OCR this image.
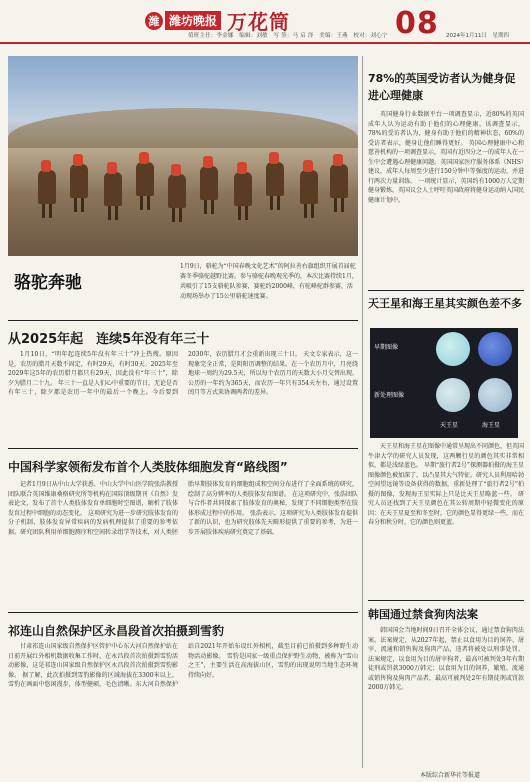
潍 潍坊晚报 万花筒
值班主任：李金娜　编辑：刘敏　写 签：马 启 泽　美编：王燕　校对：刘心宁 08 2024年1月11日　星期四
骆驼奔驰
1月9日，骆驼为“中国春晚文化艺术”的阿拉善右旗组织开展首届驼赛冬季骆驼越野比赛。参与骆驼春晚观光季的，本次比赛持续1月，共吸引了15支骆驼队参赛，赛驼约2000峰，有驼峰驼群参赛，活动现场举办了15公里骆驼速度赛。
从2025年起　连续5年没有年三十
1月10日，“明年起连续5年没有年三十”冲上热搜。原因是，农历的腊月天数不固定，有时29天，有时30天。2025年至2029年这5年的农历腊月都只有29天，因此没有“年三十”，除夕为腊月二十九。 年三十一直是人们心中重要的节日，无论是否有年三十，除夕都是农历一年中的最后一个晚上。今后要到2030年，农历腊月才会重新出现三十日。 天文专家表示，这一现象完全正常，是阴阳历调整的结果。在一个农历月中，月亮绕地球一周约为29.5天，所以每个农历月的天数大小月交替出现。公历的一年约为365天，而农历一年只有354天左右，通过设置闰月等方式来协调两者的差异。
中国科学家领衔发布首个人类肢体细胞发育“路线图”
记者1月9日从中山大学获悉，中山大学中山医学院张浩教授团队联合英国维康桑格研究所等机构在国际顶级期刊《自然》发表论文，发布了首个人类肢体发育单细胞时空图谱，解析了肢体发育过程中细胞的动态变化。 这项研究为进一步研究肢体发育的分子机制、肢体发育异常疾病的发病机理提供了重要的参考依据。研究团队利用单细胞测序和空间转录组学等技术，对人类胚胎早期肢体发育的细胞组成和空间分布进行了全面系统的研究，绘制了高分辨率的人类肢体发育图谱。 在这项研究中，张浩团队与合作者共同探索了肢体发育的奥秘，发现了不同细胞类型在肢体形成过程中的作用。 张浩表示，这项研究为人类肢体发育提供了新的认识，也为研究肢体先天畸形提供了重要的参考，为进一步开展肢体疾病研究奠定了基础。
祁连山自然保护区永昌段首次拍摄到雪豹
甘肃祁连山国家级自然保护区管护中心东大河自然保护站在日前开展红外相机数据收集工作时，在永昌段首次拍摄到雪豹活动影像，这是祁连山国家级自然保护区永昌段首次拍摄到雪豹影像。 据了解，此次拍摄到雪豹影像的区域海拔在3300米以上，雪豹在画面中悠闲漫步，体型健硕，毛色清晰。东大河自然保护站自2021年开始布设红外相机，截至目前已拍摄到多种野生动物活动影像。 雪豹是国家一级重点保护野生动物，被称为“雪山之王”，主要生活在高海拔山区，雪豹的出现说明当地生态环境持续向好。
78%的英国受访者认为健身促进心理健康
英国健身行业数据平台一项调查显示，近80%的英国成年人认为运动有助于他们的心理健康。该调查显示，78%的受访者认为，健身有助于他们的精神状态，60%的受访者表示，健身让他们睡得更好。 英国心理健康中心和慈善机构的一项调查显示，英国有近四分之一的成年人在一生中会遭遇心理健康问题。英国国家医疗服务体系（NHS）建议，成年人每周至少进行150分钟中等强度的运动，并进行两次力量训练。 一项统计显示，英国约有1000万人定期健身锻炼。英国议会人士呼吁英国政府将健身运动纳入国民健康计划中。
天王星和海王星其实颜色差不多
早期图像
新处理图像
天王星	海王星
天王星和海王星在图像中通常呈现出不同颜色，但英国牛津大学的研究人员发现，这两颗行星的颜色其实非常相似，都是浅绿蓝色。 早期“旅行者2号”探测器拍摄的海王星图像颜色被加深了，以凸显其大气特征。研究人员利用哈勃空间望远镜等设备获得的数据，重新处理了“旅行者2号”拍摄的图像，发现海王星实际上只是比天王星略蓝一些。 研究人员还找到了天王星颜色在其公转周期中轻微变化的原因：在天王星夏至和冬至时，它的颜色显得更绿一些，而在春分和秋分时，它的颜色则更蓝。
韩国通过禁食狗肉法案
韩国国会当地时间9日召开全体会议，通过禁食狗肉法案。法案规定，从2027年起，禁止以食用为目的饲养、屠宰、流通和销售狗及狗肉产品，违者将被处以刑事处罚。 法案规定，以食用为目的屠宰狗者，最高可被判处3年有期徒刑或罚款3000万韩元；以食用为目的饲养、繁殖、流通或销售狗及狗肉产品者，最高可被判处2年有期徒刑或罚款2000万韩元。
本版综合新华社等报道
